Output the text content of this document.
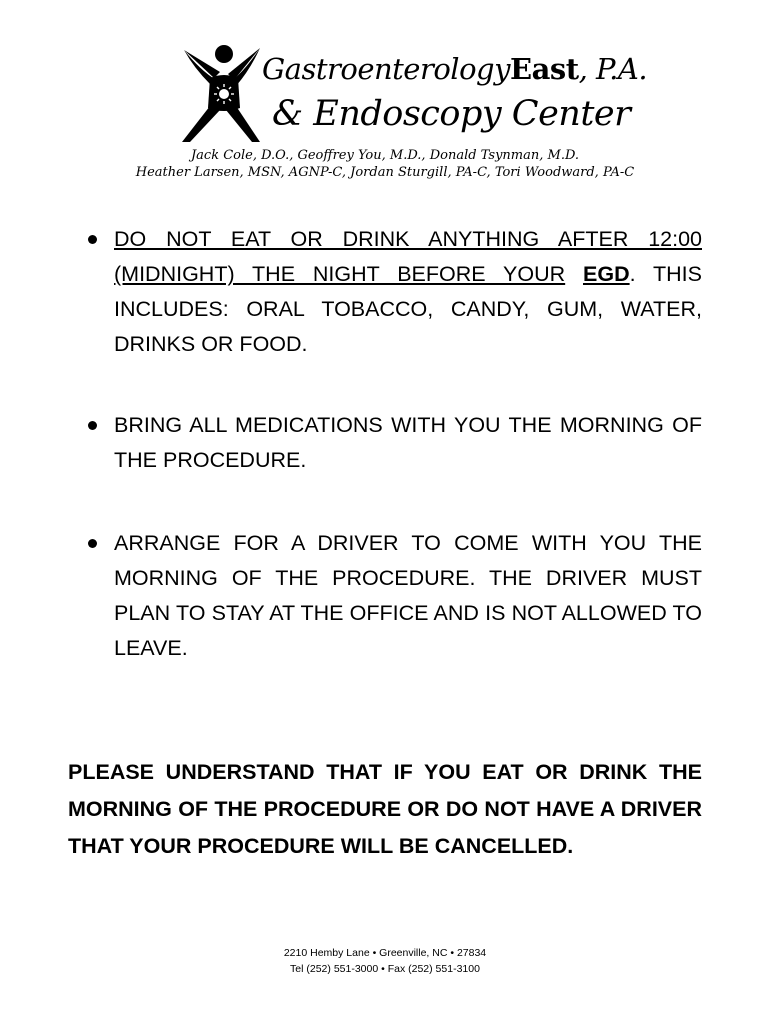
GastroenterologyEast, P.A.
& Endoscopy Center
Jack Cole, D.O., Geoffrey You, M.D., Donald Tsynman, M.D.
Heather Larsen, MSN, AGNP-C, Jordan Sturgill, PA-C, Tori Woodward, PA-C
DO NOT EAT OR DRINK ANYTHING AFTER 12:00 (MIDNIGHT) THE NIGHT BEFORE YOUR EGD. THIS INCLUDES: ORAL TOBACCO, CANDY, GUM, WATER, DRINKS OR FOOD.
BRING ALL MEDICATIONS WITH YOU THE MORNING OF THE PROCEDURE.
ARRANGE FOR A DRIVER TO COME WITH YOU THE MORNING OF THE PROCEDURE. THE DRIVER MUST PLAN TO STAY AT THE OFFICE AND IS NOT ALLOWED TO LEAVE.

PLEASE UNDERSTAND THAT IF YOU EAT OR DRINK THE MORNING OF THE PROCEDURE OR DO NOT HAVE A DRIVER THAT YOUR PROCEDURE WILL BE CANCELLED.

2210 Hemby Lane • Greenville, NC • 27834
Tel (252) 551-3000 • Fax (252) 551-3100
